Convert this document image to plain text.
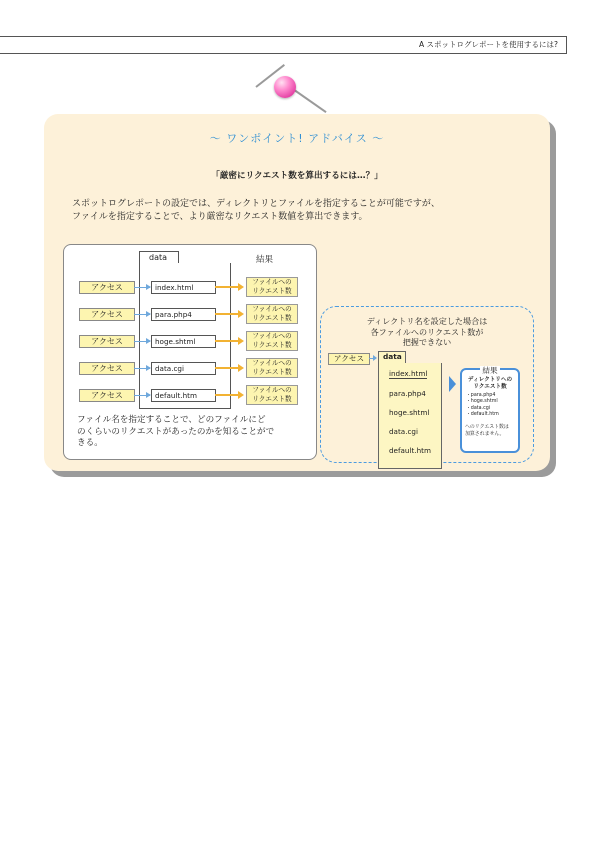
A スポットログレポートを使用するには?
～ ワンポイント! アドバイス ～
「厳密にリクエスト数を算出するには…？」
スポットログレポートの設定では、ディレクトリとファイルを指定することが可能ですが、
ファイルを指定することで、より厳密なリクエスト数値を算出できます。
data	結果
アクセス	index.html
ファイルへの
リクエスト数
アクセス	para.php4
ファイルへの
リクエスト数
アクセス	hoge.shtml
ファイルへの
リクエスト数
アクセス	data.cgi
ファイルへの
リクエスト数
アクセス	default.htm
ファイルへの
リクエスト数
ファイル名を指定することで、どのファイルにど
のくらいのリクエストがあったのかを知ることがで
きる。
ディレクトリ名を設定した場合は
各ファイルへのリクエスト数が
把握できない
アクセス	data
index.html
para.php4
hoge.shtml
data.cgi
default.htm
結果
ディレクトリへの
リクエスト数
・para.php4
・hoge.shtml
・data.cgi
・default.htm
へのリクエスト数は
加算されません。
